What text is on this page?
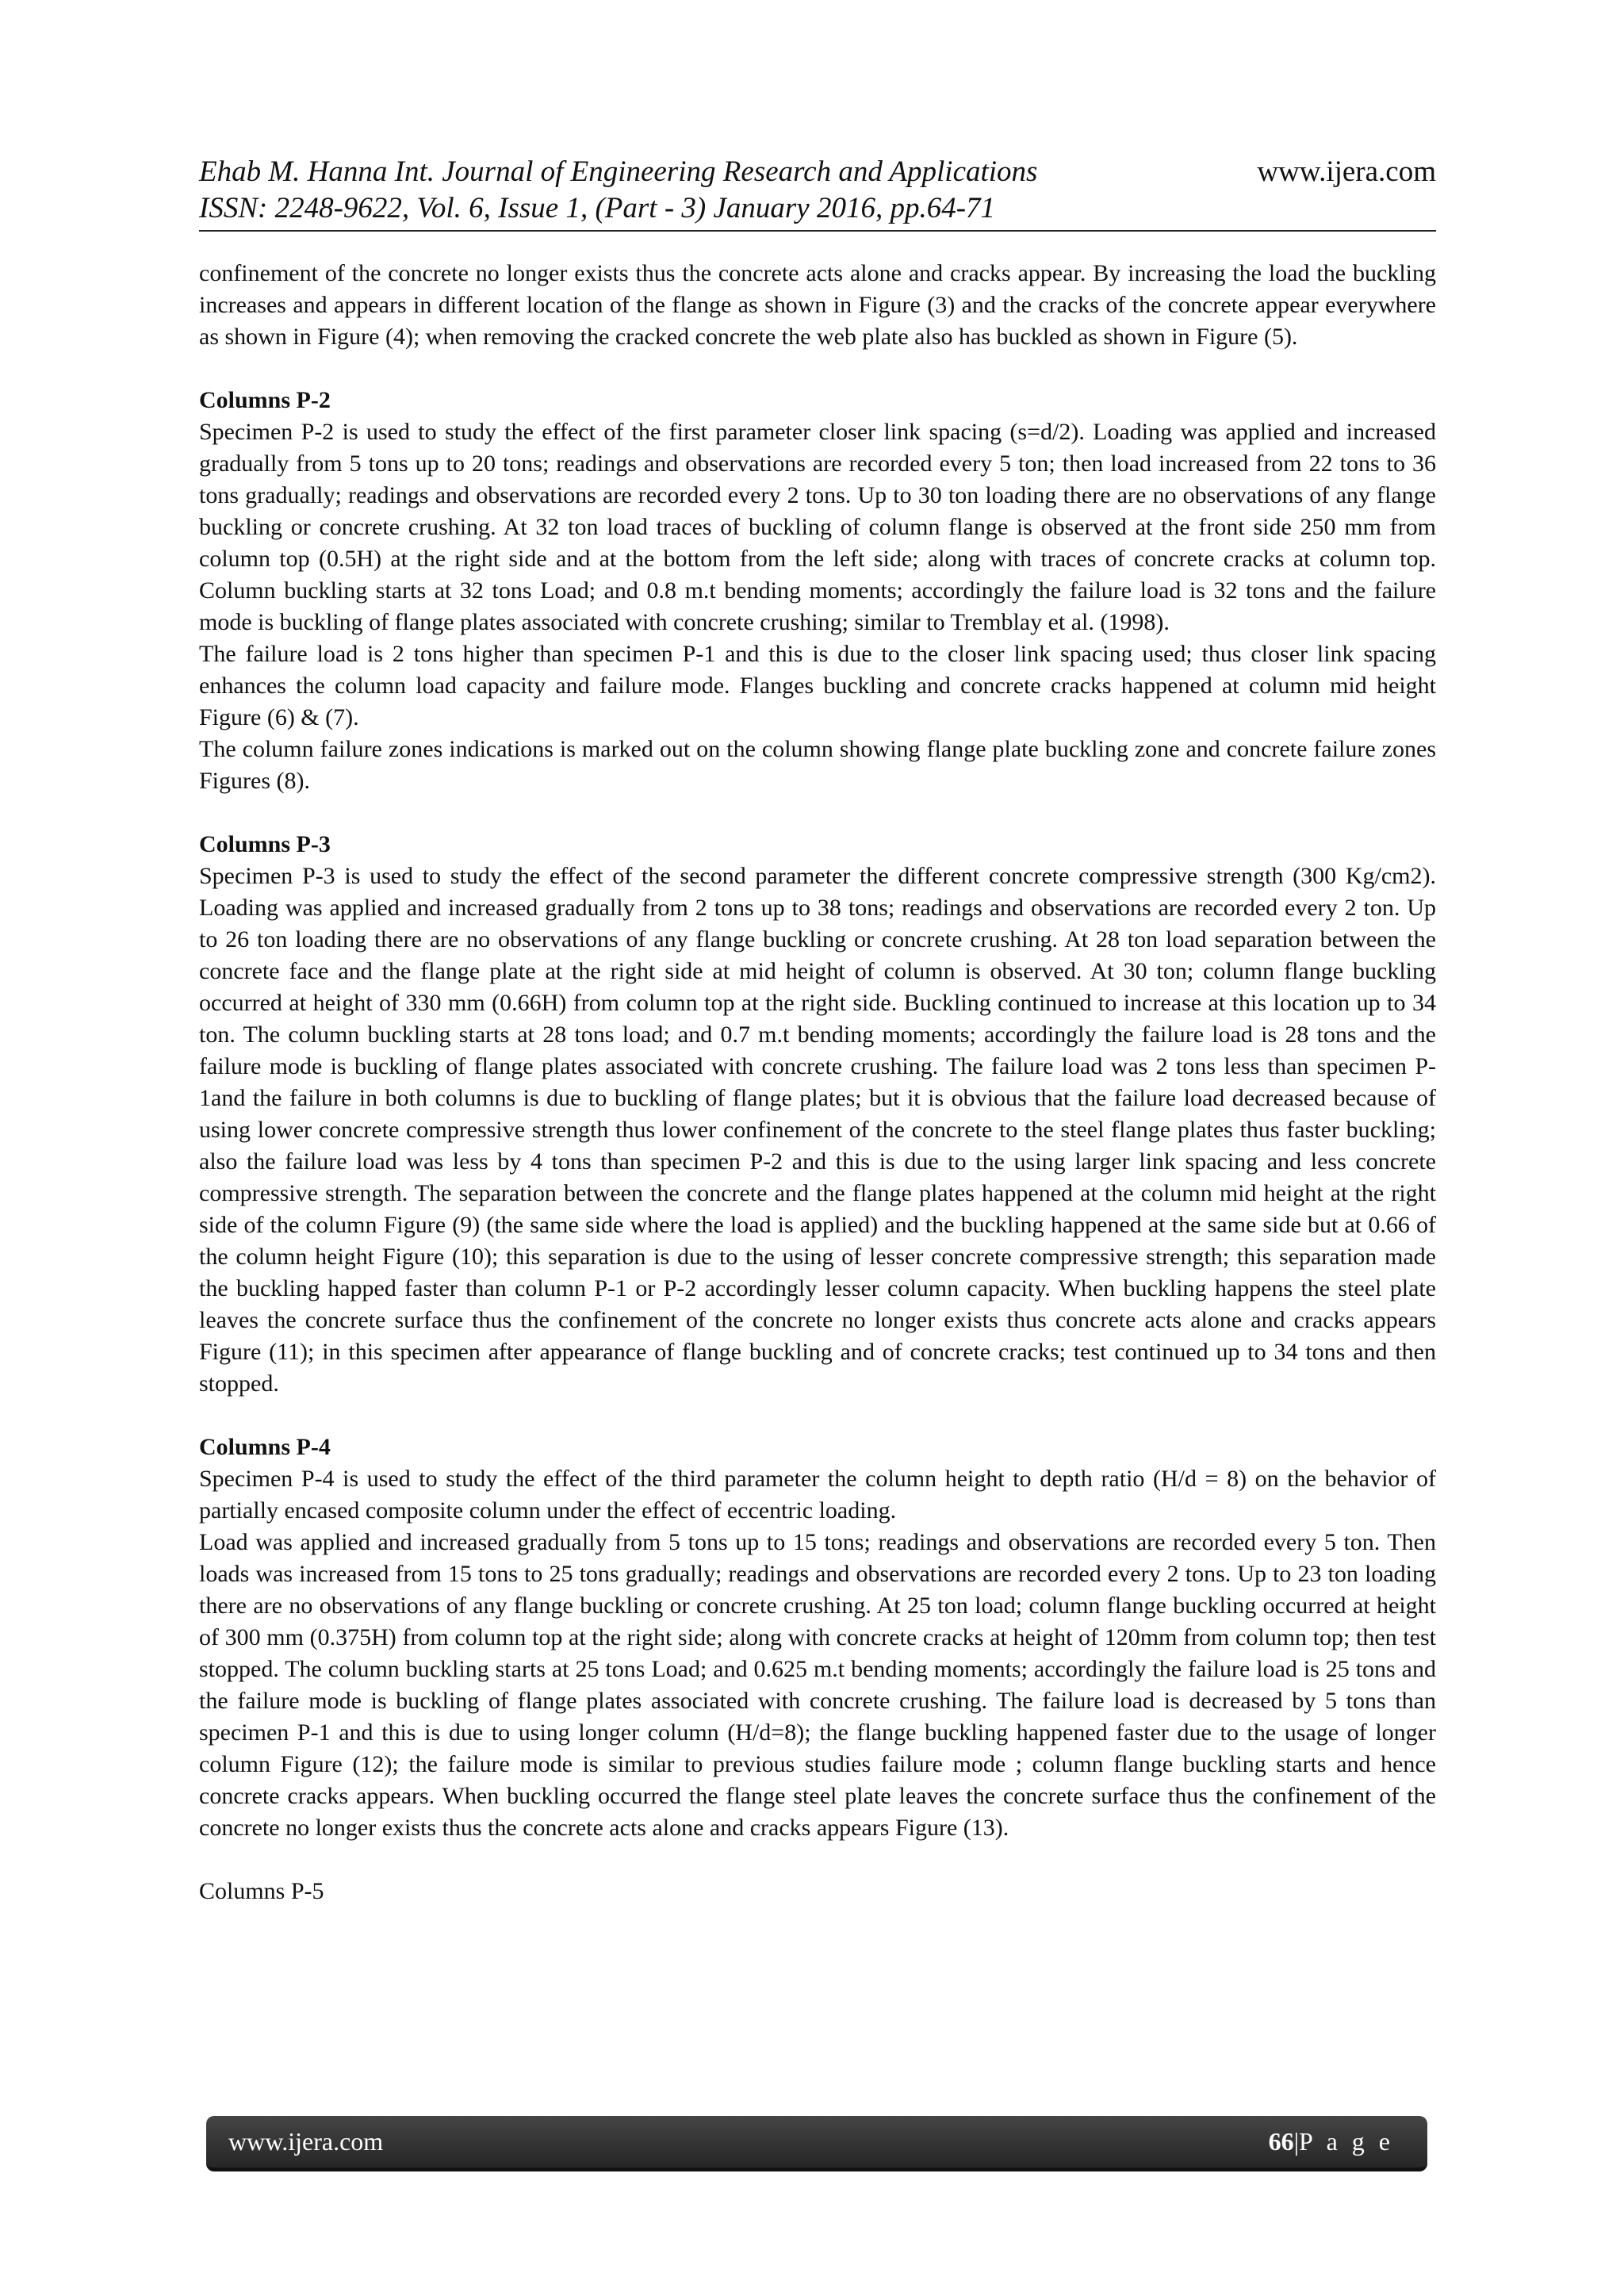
Ehab M. Hanna Int. Journal of Engineering Research and Applications	www.ijera.com
ISSN: 2248-9622, Vol. 6, Issue 1, (Part - 3) January 2016, pp.64-71

confinement of the concrete no longer exists thus the concrete acts alone and cracks appear. By increasing the load the buckling increases and appears in different location of the flange as shown in Figure (3) and the cracks of the concrete appear everywhere as shown in Figure (4); when removing the cracked concrete the web plate also has buckled as shown in Figure (5).

Columns P-2

Specimen P-2 is used to study the effect of the first parameter closer link spacing (s=d/2). Loading was applied and increased gradually from 5 tons up to 20 tons; readings and observations are recorded every 5 ton; then load increased from 22 tons to 36 tons gradually; readings and observations are recorded every 2 tons. Up to 30 ton loading there are no observations of any flange buckling or concrete crushing. At 32 ton load traces of buckling of column flange is observed at the front side 250 mm from column top (0.5H) at the right side and at the bottom from the left side; along with traces of concrete cracks at column top. Column buckling starts at 32 tons Load; and 0.8 m.t bending moments; accordingly the failure load is 32 tons and the failure mode is buckling of flange plates associated with concrete crushing; similar to Tremblay et al. (1998).

The failure load is 2 tons higher than specimen P-1 and this is due to the closer link spacing used; thus closer link spacing enhances the column load capacity and failure mode. Flanges buckling and concrete cracks happened at column mid height Figure (6) & (7).

The column failure zones indications is marked out on the column showing flange plate buckling zone and concrete failure zones Figures (8).

Columns P-3

Specimen P-3 is used to study the effect of the second parameter the different concrete compressive strength (300 Kg/cm2). Loading was applied and increased gradually from 2 tons up to 38 tons; readings and observations are recorded every 2 ton. Up to 26 ton loading there are no observations of any flange buckling or concrete crushing. At 28 ton load separation between the concrete face and the flange plate at the right side at mid height of column is observed. At 30 ton; column flange buckling occurred at height of 330 mm (0.66H) from column top at the right side. Buckling continued to increase at this location up to 34 ton. The column buckling starts at 28 tons load; and 0.7 m.t bending moments; accordingly the failure load is 28 tons and the failure mode is buckling of flange plates associated with concrete crushing. The failure load was 2 tons less than specimen P-1and the failure in both columns is due to buckling of flange plates; but it is obvious that the failure load decreased because of using lower concrete compressive strength thus lower confinement of the concrete to the steel flange plates thus faster buckling; also the failure load was less by 4 tons than specimen P-2 and this is due to the using larger link spacing and less concrete compressive strength. The separation between the concrete and the flange plates happened at the column mid height at the right side of the column Figure (9) (the same side where the load is applied) and the buckling happened at the same side but at 0.66 of the column height Figure (10); this separation is due to the using of lesser concrete compressive strength; this separation made the buckling happed faster than column P-1 or P-2 accordingly lesser column capacity. When buckling happens the steel plate leaves the concrete surface thus the confinement of the concrete no longer exists thus concrete acts alone and cracks appears Figure (11); in this specimen after appearance of flange buckling and of concrete cracks; test continued up to 34 tons and then stopped.

Columns P-4

Specimen P-4 is used to study the effect of the third parameter the column height to depth ratio (H/d = 8) on the behavior of partially encased composite column under the effect of eccentric loading.

Load was applied and increased gradually from 5 tons up to 15 tons; readings and observations are recorded every 5 ton. Then loads was increased from 15 tons to 25 tons gradually; readings and observations are recorded every 2 tons. Up to 23 ton loading there are no observations of any flange buckling or concrete crushing. At 25 ton load; column flange buckling occurred at height of 300 mm (0.375H) from column top at the right side; along with concrete cracks at height of 120mm from column top; then test stopped. The column buckling starts at 25 tons Load; and 0.625 m.t bending moments; accordingly the failure load is 25 tons and the failure mode is buckling of flange plates associated with concrete crushing. The failure load is decreased by 5 tons than specimen P-1 and this is due to using longer column (H/d=8); the flange buckling happened faster due to the usage of longer column Figure (12); the failure mode is similar to previous studies failure mode ; column flange buckling starts and hence concrete cracks appears. When buckling occurred the flange steel plate leaves the concrete surface thus the confinement of the concrete no longer exists thus the concrete acts alone and cracks appears Figure (13).

Columns P-5

www.ijera.com	66|P a g e
